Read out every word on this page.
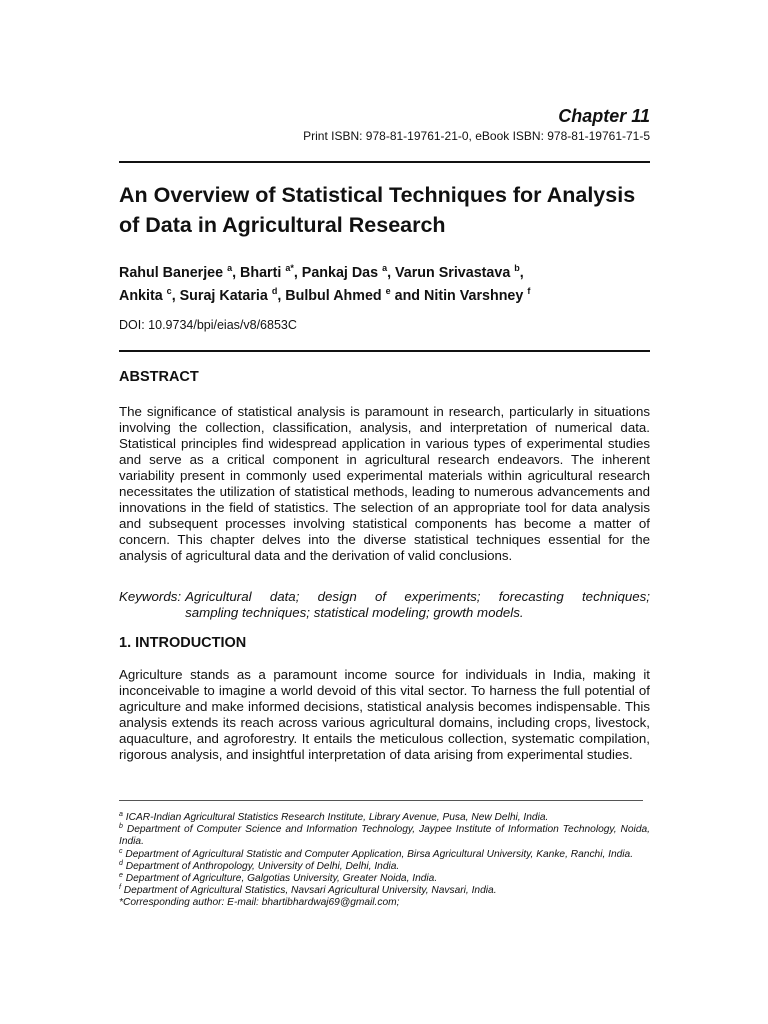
Chapter 11

Print ISBN: 978-81-19761-21-0, eBook ISBN: 978-81-19761-71-5

An Overview of Statistical Techniques for Analysis of Data in Agricultural Research

Rahul Banerjee $^a$, Bharti $^{a*}$, Pankaj Das $^a$, Varun Srivastava $^b$,
Ankita $^c$, Suraj Kataria $^d$, Bulbul Ahmed $^e$ and Nitin Varshney $^f$

DOI: 10.9734/bpi/eias/v8/6853C

ABSTRACT

The significance of statistical analysis is paramount in research, particularly in situations involving the collection, classification, analysis, and interpretation of numerical data. Statistical principles find widespread application in various types of experimental studies and serve as a critical component in agricultural research endeavors. The inherent variability present in commonly used experimental materials within agricultural research necessitates the utilization of statistical methods, leading to numerous advancements and innovations in the field of statistics. The selection of an appropriate tool for data analysis and subsequent processes involving statistical components has become a matter of concern. This chapter delves into the diverse statistical techniques essential for the analysis of agricultural data and the derivation of valid conclusions.

Keywords: Agricultural data; design of experiments; forecasting techniques;
sampling techniques; statistical modeling; growth models.
1. INTRODUCTION

Agriculture stands as a paramount income source for individuals in India, making it inconceivable to imagine a world devoid of this vital sector. To harness the full potential of agriculture and make informed decisions, statistical analysis becomes indispensable. This analysis extends its reach across various agricultural domains, including crops, livestock, aquaculture, and agroforestry. It entails the meticulous collection, systematic compilation, rigorous analysis, and insightful interpretation of data arising from experimental studies.

$^a$ ICAR-Indian Agricultural Statistics Research Institute, Library Avenue, Pusa, New Delhi, India.

$^b$ Department of Computer Science and Information Technology, Jaypee Institute of Information Technology, Noida, India.

$^c$ Department of Agricultural Statistic and Computer Application, Birsa Agricultural University, Kanke, Ranchi, India.

$^d$ Department of Anthropology, University of Delhi, Delhi, India.

$^e$ Department of Agriculture, Galgotias University, Greater Noida, India.

$^f$ Department of Agricultural Statistics, Navsari Agricultural University, Navsari, India.

*Corresponding author: E-mail: bhartibhardwaj69@gmail.com;
